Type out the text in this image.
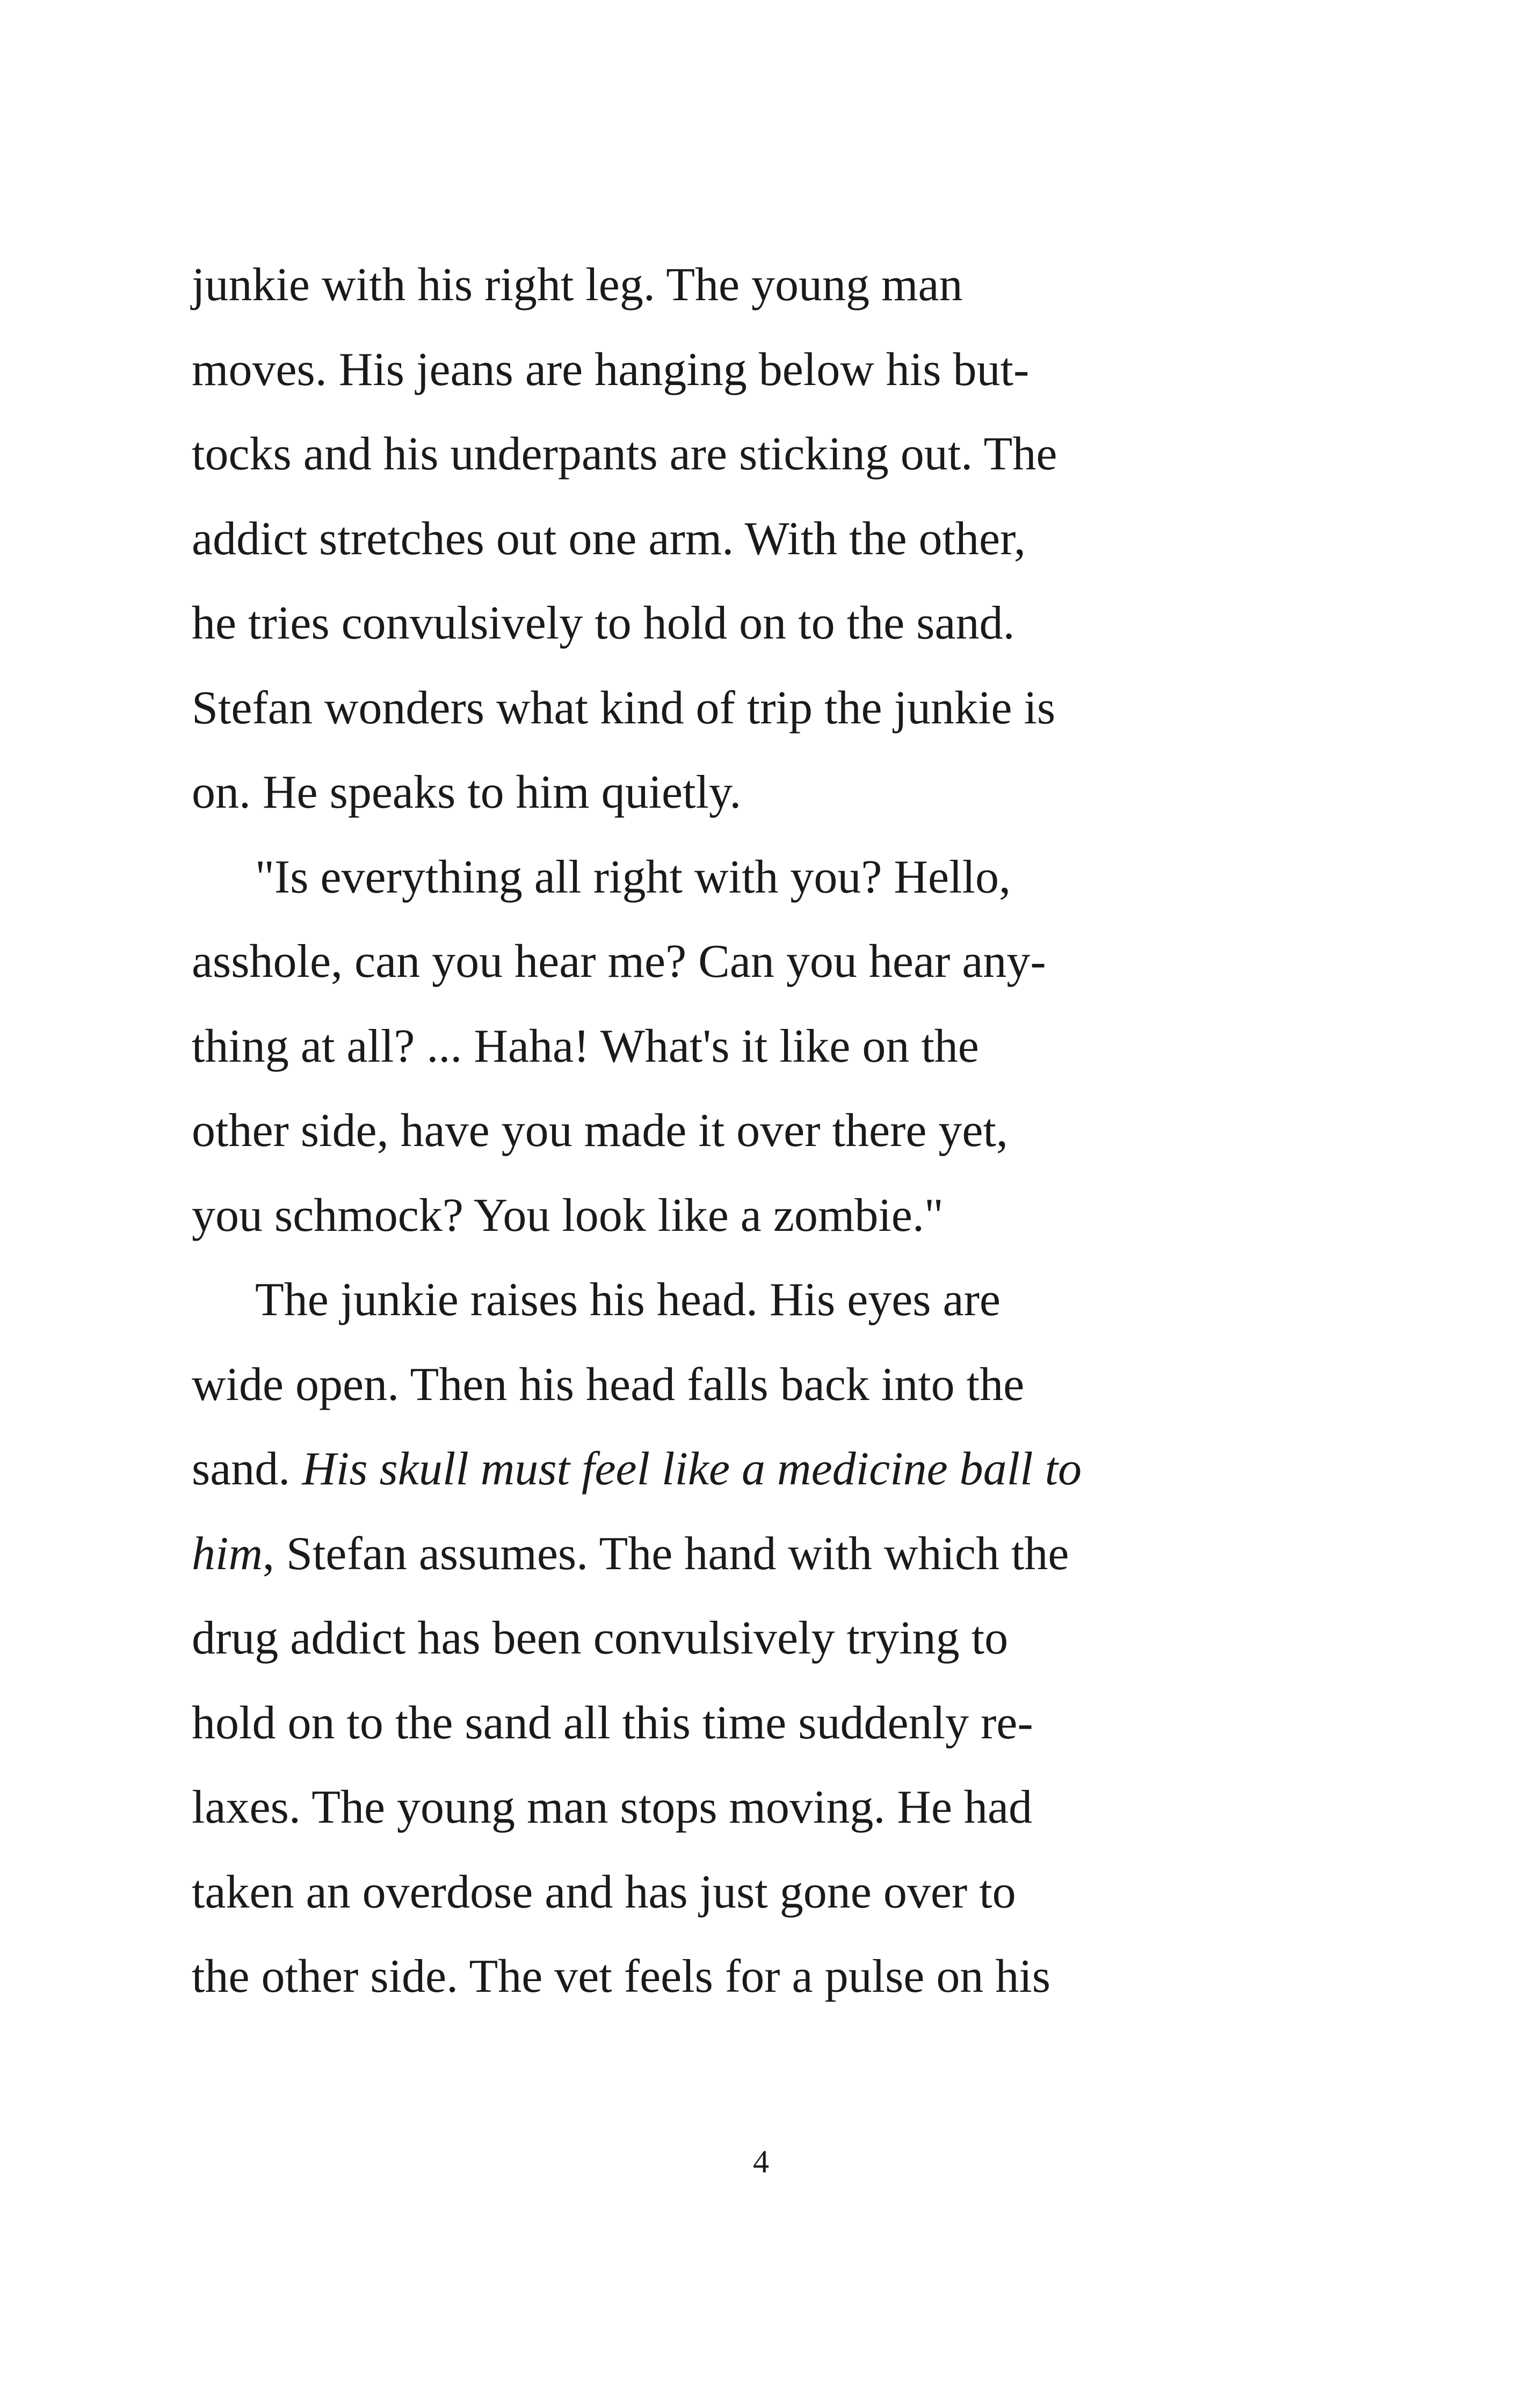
junkie with his right leg. The young man
moves. His jeans are hanging below his but-
tocks and his underpants are sticking out. The
addict stretches out one arm. With the other,
he tries convulsively to hold on to the sand.
Stefan wonders what kind of trip the junkie is
on. He speaks to him quietly.
"Is everything all right with you? Hello,
asshole, can you hear me? Can you hear any-
thing at all? ... Haha! What's it like on the
other side, have you made it over there yet,
you schmock? You look like a zombie."
The junkie raises his head. His eyes are
wide open. Then his head falls back into the
sand. His skull must feel like a medicine ball to
him, Stefan assumes. The hand with which the
drug addict has been convulsively trying to
hold on to the sand all this time suddenly re-
laxes. The young man stops moving. He had
taken an overdose and has just gone over to
the other side. The vet feels for a pulse on his
4
